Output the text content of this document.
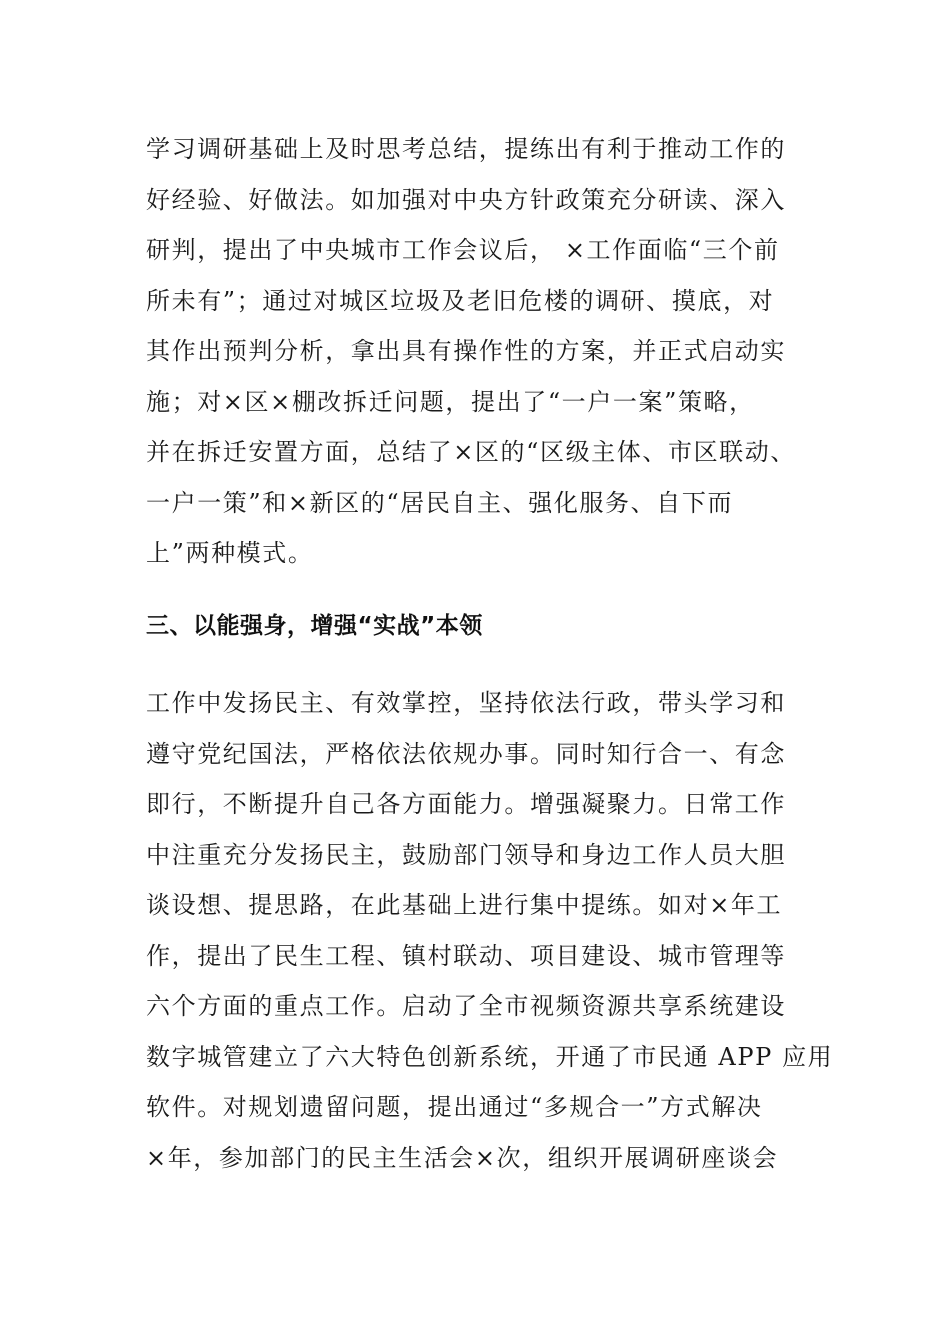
学习调研基础上及时思考总结，提练出有利于推动工作的
好经验、好做法。如加强对中央方针政策充分研读、深入
研判，提出了中央城市工作会议后， ×工作面临“三个前
所未有”；通过对城区垃圾及老旧危楼的调研、摸底，对
其作出预判分析，拿出具有操作性的方案，并正式启动实
施；对×区×棚改拆迁问题，提出了“一户一案”策略，
并在拆迁安置方面，总结了×区的“区级主体、市区联动、
一户一策”和×新区的“居民自主、强化服务、自下而
上”两种模式。
三、以能强身，增强“实战”本领
工作中发扬民主、有效掌控，坚持依法行政，带头学习和
遵守党纪国法，严格依法依规办事。同时知行合一、有念
即行，不断提升自己各方面能力。增强凝聚力。日常工作
中注重充分发扬民主，鼓励部门领导和身边工作人员大胆
谈设想、提思路，在此基础上进行集中提练。如对×年工
作，提出了民生工程、镇村联动、项目建设、城市管理等
六个方面的重点工作。启动了全市视频资源共享系统建设
数字城管建立了六大特色创新系统，开通了市民通 APP 应用
软件。对规划遗留问题，提出通过“多规合一”方式解决
×年，参加部门的民主生活会×次，组织开展调研座谈会
